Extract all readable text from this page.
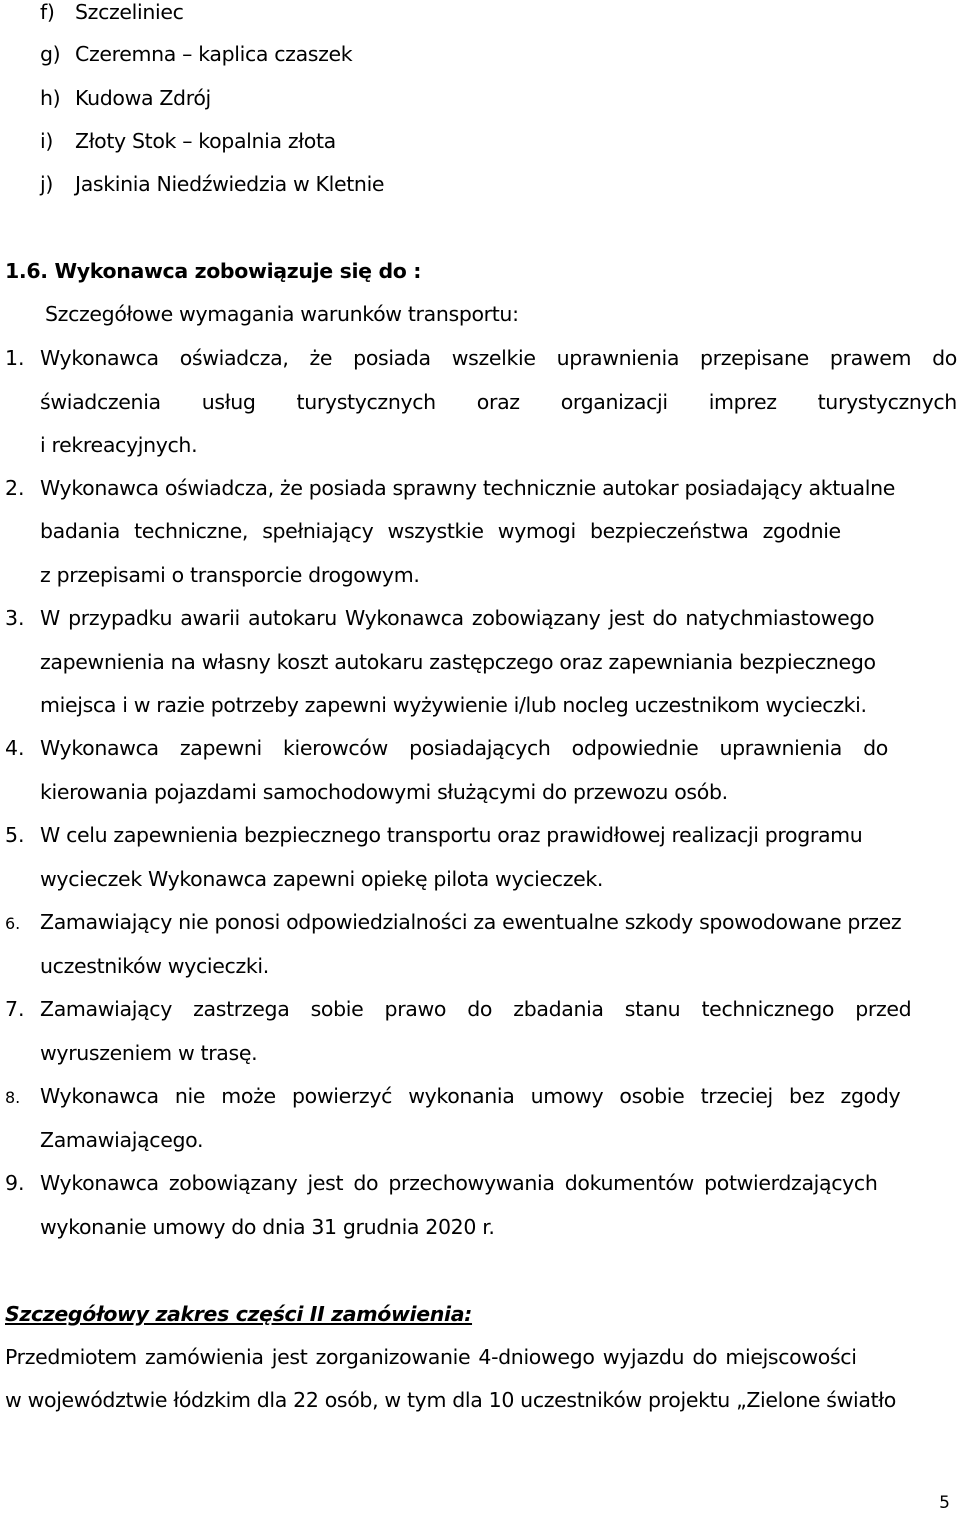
f) Szczeliniec
g) Czeremna – kaplica czaszek
h) Kudowa Zdrój
i) Złoty Stok – kopalnia złota
j) Jaskinia Niedźwiedzia w Kletnie
1.6. Wykonawca zobowiązuje się do :
Szczegółowe wymagania warunków transportu:
1. Wykonawca oświadcza, że posiada wszelkie uprawnienia przepisane prawem do
świadczenia usług turystycznych oraz organizacji imprez turystycznych
i rekreacyjnych.
2. Wykonawca oświadcza, że posiada sprawny technicznie autokar posiadający aktualne
badania techniczne, spełniający wszystkie wymogi bezpieczeństwa zgodnie
z przepisami o transporcie drogowym.
3. W przypadku awarii autokaru Wykonawca zobowiązany jest do natychmiastowego
zapewnienia na własny koszt autokaru zastępczego oraz zapewniania bezpiecznego
miejsca i w razie potrzeby zapewni wyżywienie i/lub nocleg uczestnikom wycieczki.
4. Wykonawca zapewni kierowców posiadających odpowiednie uprawnienia do
kierowania pojazdami samochodowymi służącymi do przewozu osób.
5. W celu zapewnienia bezpiecznego transportu oraz prawidłowej realizacji programu
wycieczek Wykonawca zapewni opiekę pilota wycieczek.
6. Zamawiający nie ponosi odpowiedzialności za ewentualne szkody spowodowane przez
uczestników wycieczki.
7. Zamawiający zastrzega sobie prawo do zbadania stanu technicznego przed
wyruszeniem w trasę.
8. Wykonawca nie może powierzyć wykonania umowy osobie trzeciej bez zgody
Zamawiającego.
9. Wykonawca zobowiązany jest do przechowywania dokumentów potwierdzających
wykonanie umowy do dnia 31 grudnia 2020 r.
Szczegółowy zakres części II zamówienia:
Przedmiotem zamówienia jest zorganizowanie 4-dniowego wyjazdu do miejscowości
w województwie łódzkim dla 22 osób, w tym dla 10 uczestników projektu „Zielone światło
5
